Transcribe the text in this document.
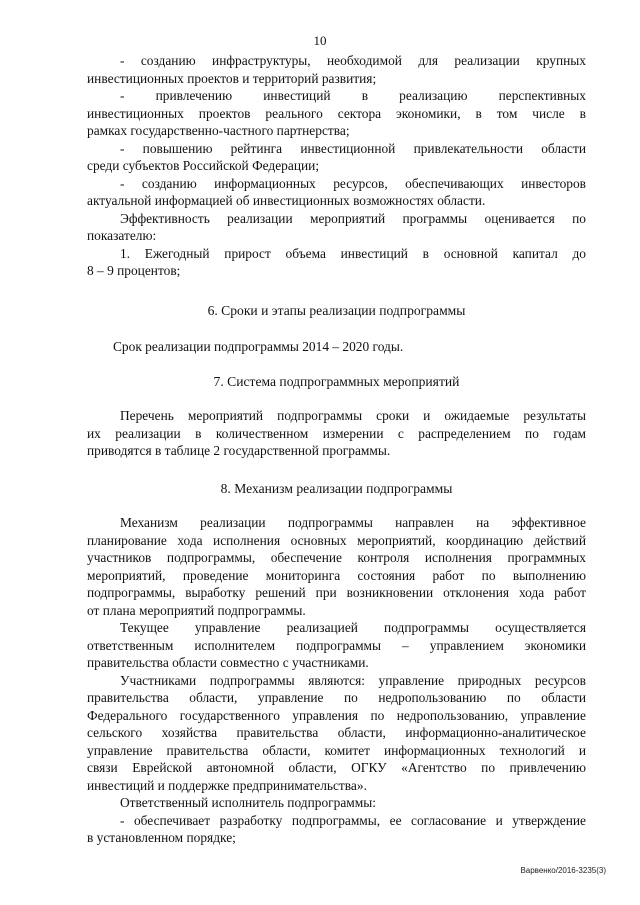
10
- созданию инфраструктуры, необходимой для реализации крупных
инвестиционных проектов и территорий развития;
- привлечению инвестиций в реализацию перспективных
инвестиционных проектов реального сектора экономики, в том числе в
рамках государственно-частного партнерства;
- повышению рейтинга инвестиционной привлекательности области
среди субъектов Российской Федерации;
- созданию информационных ресурсов, обеспечивающих инвесторов
актуальной информацией об инвестиционных возможностях области.
Эффективность реализации мероприятий программы оценивается по
показателю:
1. Ежегодный прирост объема инвестиций в основной капитал до
8 – 9 процентов;
6. Сроки и этапы реализации подпрограммы
Срок реализации подпрограммы 2014 – 2020 годы.
7. Система подпрограммных мероприятий
Перечень мероприятий подпрограммы сроки и ожидаемые результаты
их реализации в количественном измерении с распределением по годам
приводятся в таблице 2 государственной программы.
8. Механизм реализации подпрограммы
Механизм реализации подпрограммы направлен на эффективное
планирование хода исполнения основных мероприятий, координацию действий
участников подпрограммы, обеспечение контроля исполнения программных
мероприятий, проведение мониторинга состояния работ по выполнению
подпрограммы, выработку решений при возникновении отклонения хода работ
от плана мероприятий подпрограммы.
Текущее управление реализацией подпрограммы осуществляется
ответственным исполнителем подпрограммы – управлением экономики
правительства области совместно с участниками.
Участниками подпрограммы являются: управление природных ресурсов
правительства области, управление по недропользованию по области
Федерального государственного управления по недропользованию, управление
сельского хозяйства правительства области, информационно-аналитическое
управление правительства области, комитет информационных технологий и
связи Еврейской автономной области, ОГКУ «Агентство по привлечению
инвестиций и поддержке предпринимательства».
Ответственный исполнитель подпрограммы:
- обеспечивает разработку подпрограммы, ее согласование и утверждение
в установленном порядке;
Варвенко/2016-3235(3)
